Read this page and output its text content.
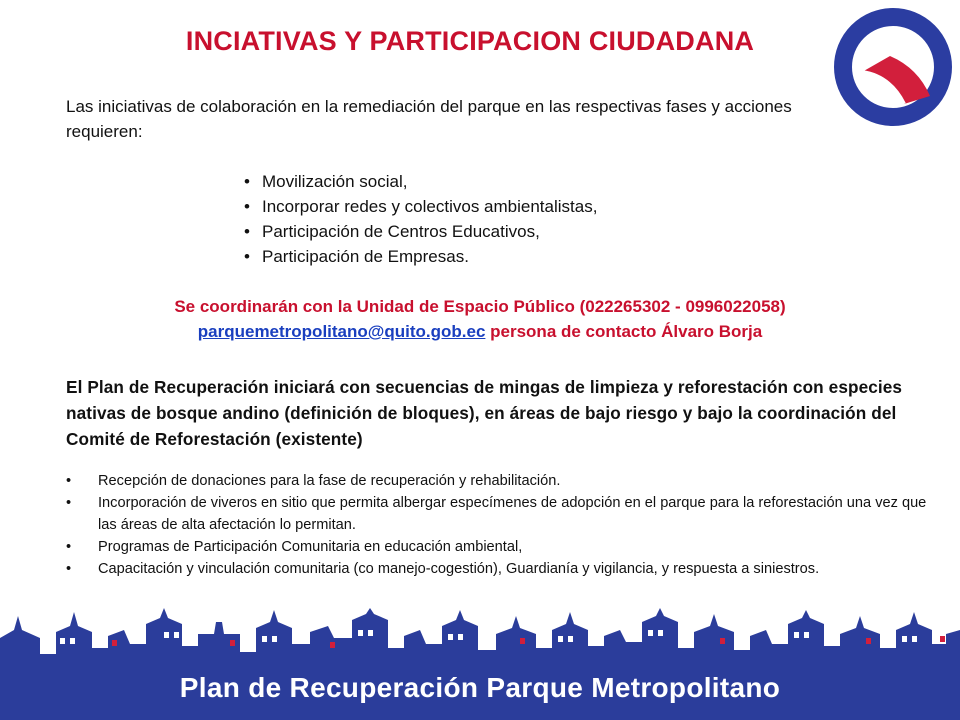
INCIATIVAS Y PARTICIPACION CIUDADANA
Las iniciativas de colaboración en la remediación del parque en las respectivas fases y acciones requieren:
• Movilización social,
• Incorporar redes y colectivos ambientalistas,
• Participación de Centros Educativos,
• Participación de Empresas.
Se coordinarán con la Unidad de Espacio Público (022265302 - 0996022058)
parquemetropolitano@quito.gob.ec persona de contacto Álvaro Borja
El Plan de Recuperación iniciará con secuencias de mingas de limpieza y reforestación con especies nativas de bosque andino (definición de bloques), en áreas de bajo riesgo y bajo la coordinación del Comité de Reforestación (existente)
• Recepción de donaciones para la fase de recuperación y rehabilitación.
• Incorporación de viveros en sitio que permita albergar especímenes de adopción en el parque para la reforestación una vez que las áreas de alta afectación lo permitan.
• Programas de Participación Comunitaria en educación ambiental,
• Capacitación y vinculación comunitaria (co manejo-cogestión), Guardianía y vigilancia, y respuesta a siniestros.
Plan de Recuperación Parque Metropolitano
